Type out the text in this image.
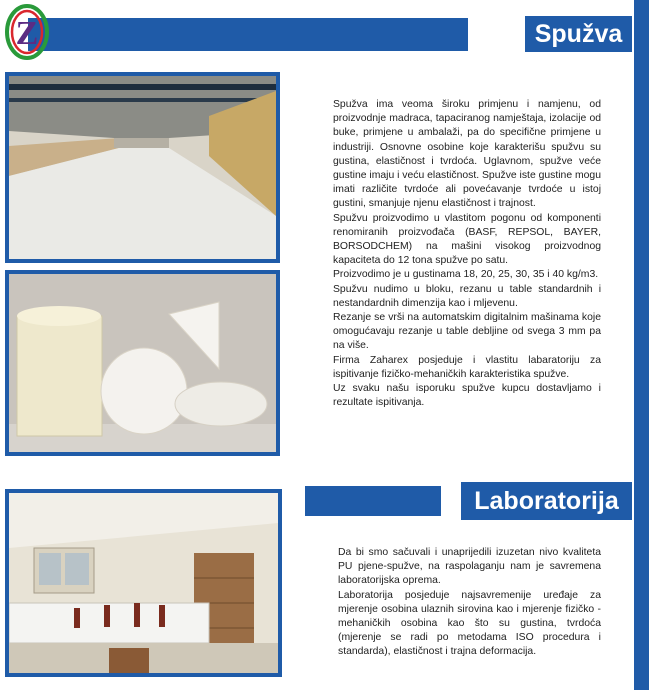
Spužva
Z
Laboratorija

Spužva ima veoma široku primjenu i namjenu, od proizvodnje madraca, tapaciranog namještaja, izolacije od buke, primjene u ambalaži, pa do specifične primjene u industriji. Osnovne osobine koje karakterišu spužvu su gustina, elastičnost i tvrdoća. Uglavnom, spužve veće gustine imaju i veću elastičnost. Spužve iste gustine mogu imati različite tvrdoće ali povećavanje tvrdoće u istoj gustini, smanjuje njenu elastičnost i trajnost.

Spužvu proizvodimo u vlastitom pogonu od komponenti renomiranih proizvođača (BASF, REPSOL, BAYER, BORSODCHEM) na mašini visokog proizvodnog kapaciteta do 12 tona spužve po satu.

Proizvodimo je u gustinama 18, 20, 25, 30, 35 i 40 kg/m3.

Spužvu nudimo u bloku, rezanu u table standardnih i nestandardnih dimenzija kao i mljevenu.

Rezanje se vrši na automatskim digitalnim mašinama koje omogućavaju rezanje u table debljine od svega 3 mm pa na više.

Firma Zaharex posjeduje i vlastitu labaratoriju za ispitivanje fizičko-mehaničkih karakteristika spužve.

Uz svaku našu isporuku spužve kupcu dostavljamo i rezultate ispitivanja.

Da bi smo sačuvali i unaprijedili izuzetan nivo kvaliteta PU pjene-spužve, na raspolaganju nam je savremena laboratorijska oprema.

Laboratorija posjeduje najsavremenije uređaje za mjerenje osobina ulaznih sirovina kao i mjerenje fizičko - mehaničkih osobina kao što su gustina, tvrdoća (mjerenje se radi po metodama ISO procedura i standarda), elastičnost i trajna deformacija.
